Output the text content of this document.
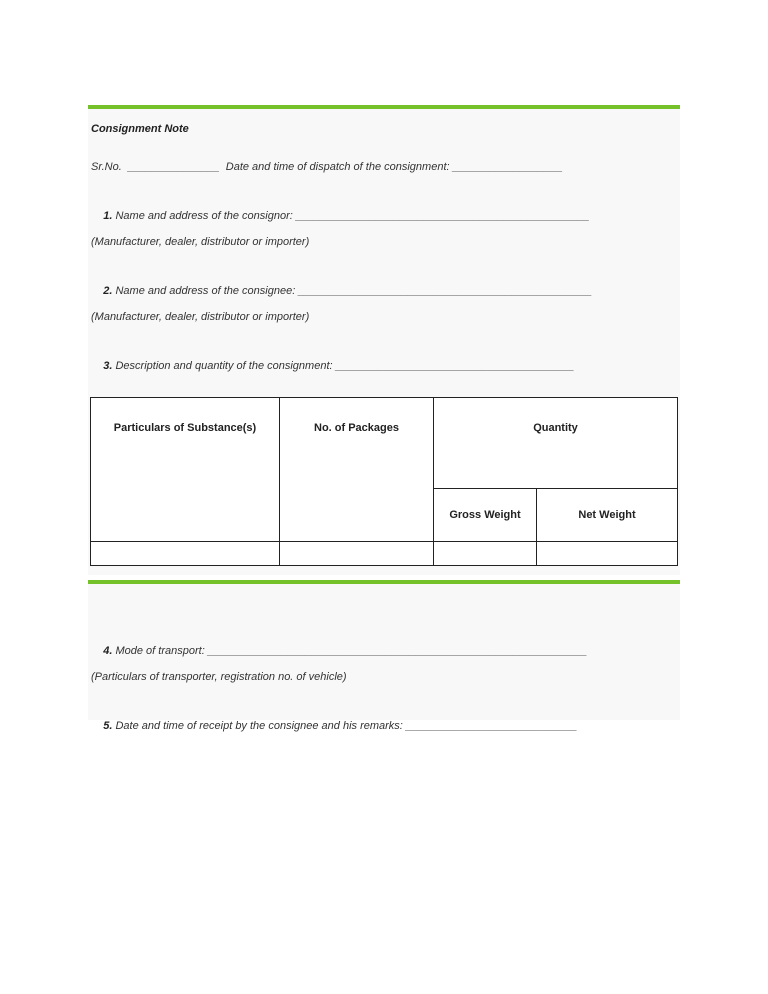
Consignment Note
Sr.No.  _______________  Date and time of dispatch of the consignment: __________________

1. Name and address of the consignor: ________________________________________________

(Manufacturer, dealer, distributor or importer)

2. Name and address of the consignee: ________________________________________________

(Manufacturer, dealer, distributor or importer)

3. Description and quantity of the consignment: _______________________________________

Particulars of Substance(s)	No. of Packages	Quantity	
		Gross Weight	Net Weight

4. Mode of transport: ______________________________________________________________

(Particulars of transporter, registration no. of vehicle)

5. Date and time of receipt by the consignee and his remarks: ____________________________
